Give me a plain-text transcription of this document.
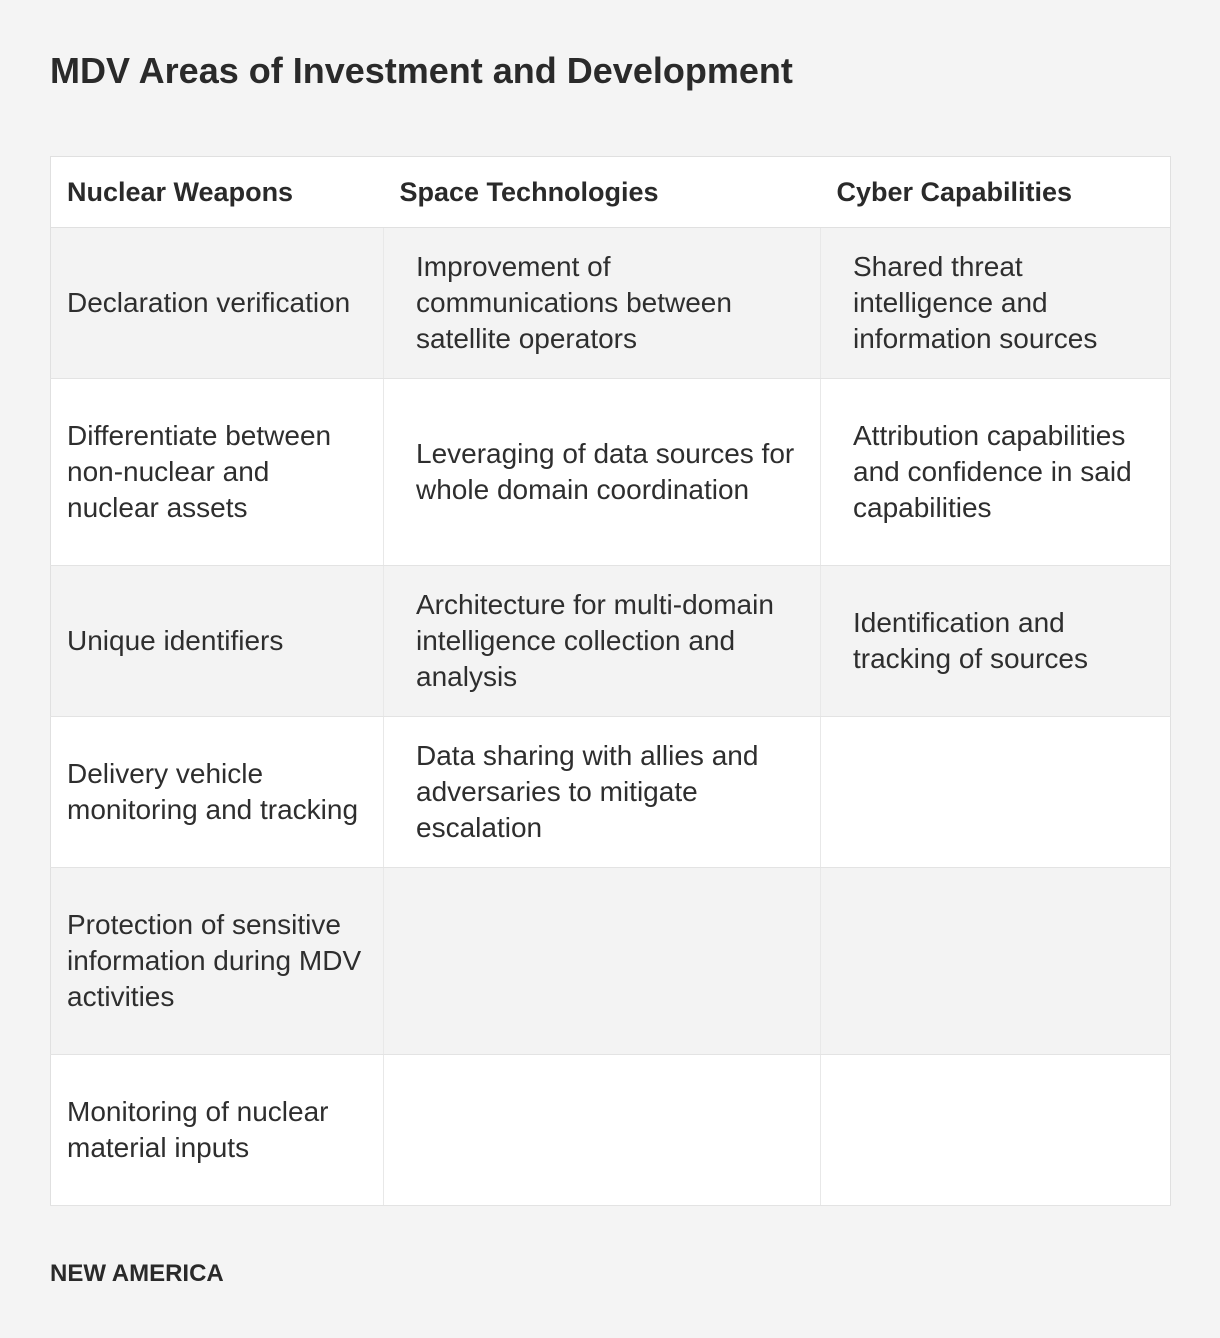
MDV Areas of Investment and Development
Nuclear Weapons	Space Technologies	Cyber Capabilities
Declaration verification	Improvement of communications between satellite operators	Shared threat intelligence and information sources
Differentiate between non-nuclear and nuclear assets	Leveraging of data sources for whole domain coordination	Attribution capabilities and confidence in said capabilities
Unique identifiers	Architecture for multi-domain intelligence collection and analysis	Identification and tracking of sources
Delivery vehicle monitoring and tracking	Data sharing with allies and adversaries to mitigate escalation	
Protection of sensitive information during MDV activities		
Monitoring of nuclear material inputs		
NEW AMERICA
